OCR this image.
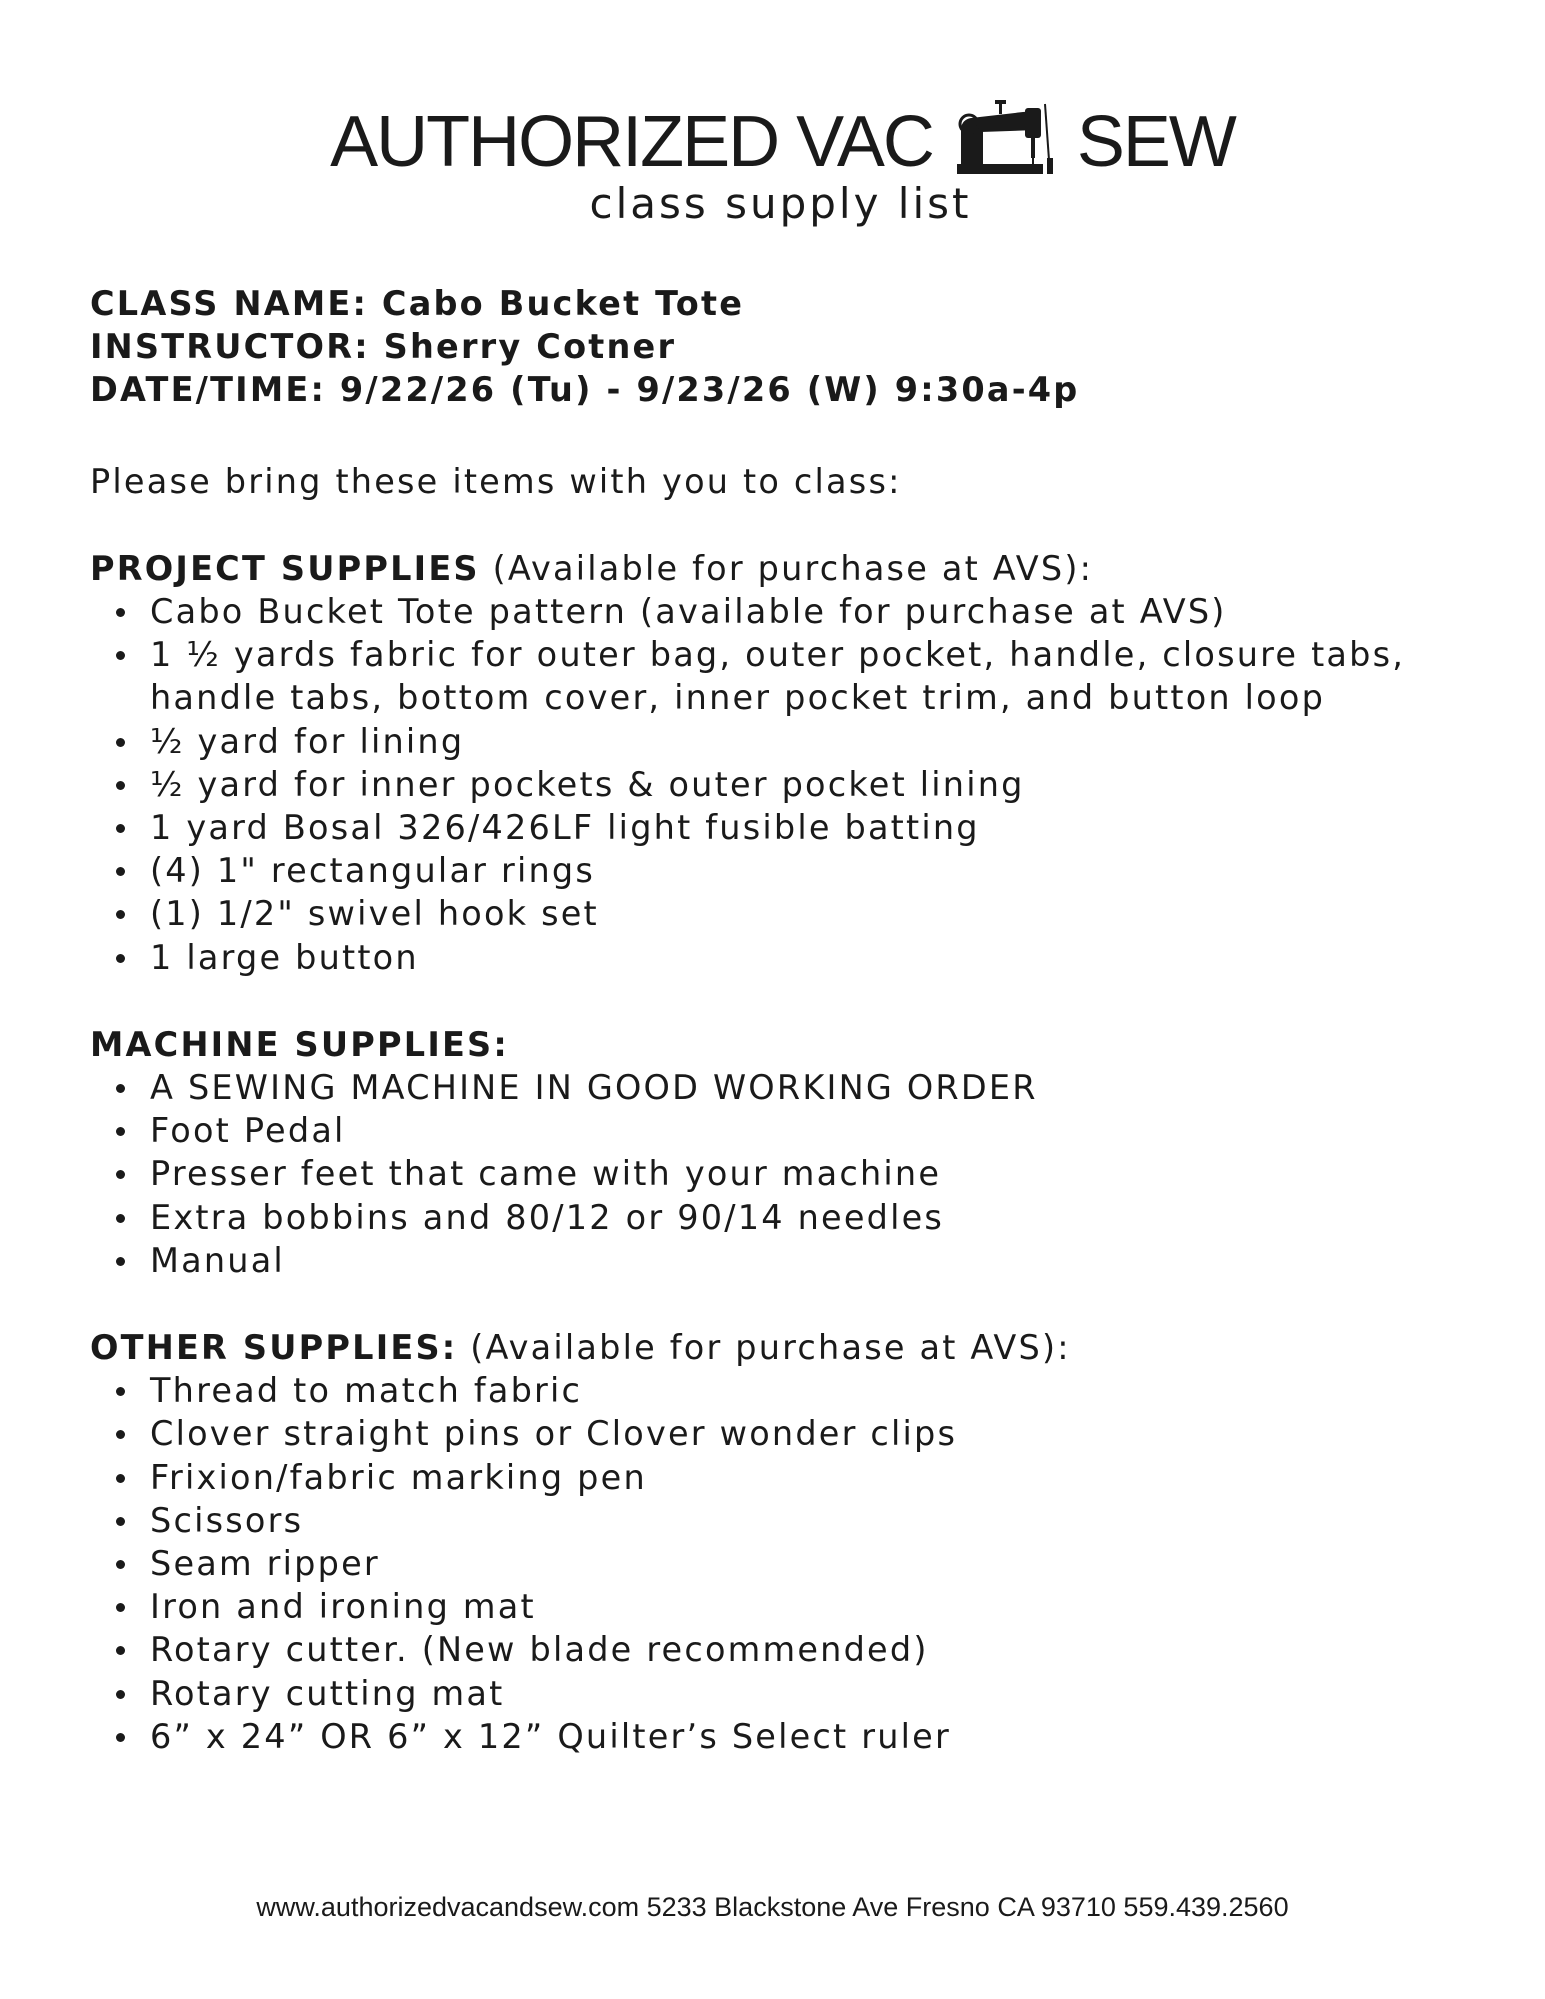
AUTHORIZED VAC SEW
class supply list
CLASS NAME: Cabo Bucket Tote
INSTRUCTOR: Sherry Cotner
DATE/TIME: 9/22/26 (Tu) - 9/23/26 (W) 9:30a-4p
Please bring these items with you to class:
PROJECT SUPPLIES (Available for purchase at AVS):
Cabo Bucket Tote pattern (available for purchase at AVS)
1 ½ yards fabric for outer bag, outer pocket, handle, closure tabs, handle tabs, bottom cover, inner pocket trim, and button loop
½ yard for lining
½ yard for inner pockets & outer pocket lining
1 yard Bosal 326/426LF light fusible batting
(4) 1" rectangular rings
(1) 1/2" swivel hook set
1 large button
MACHINE SUPPLIES:
A SEWING MACHINE IN GOOD WORKING ORDER
Foot Pedal
Presser feet that came with your machine
Extra bobbins and 80/12 or 90/14 needles
Manual
OTHER SUPPLIES: (Available for purchase at AVS):
Thread to match fabric
Clover straight pins or Clover wonder clips
Frixion/fabric marking pen
Scissors
Seam ripper
Iron and ironing mat
Rotary cutter. (New blade recommended)
Rotary cutting mat
6” x 24” OR 6” x 12” Quilter’s Select ruler
www.authorizedvacandsew.com 5233 Blackstone Ave Fresno CA 93710 559.439.2560
